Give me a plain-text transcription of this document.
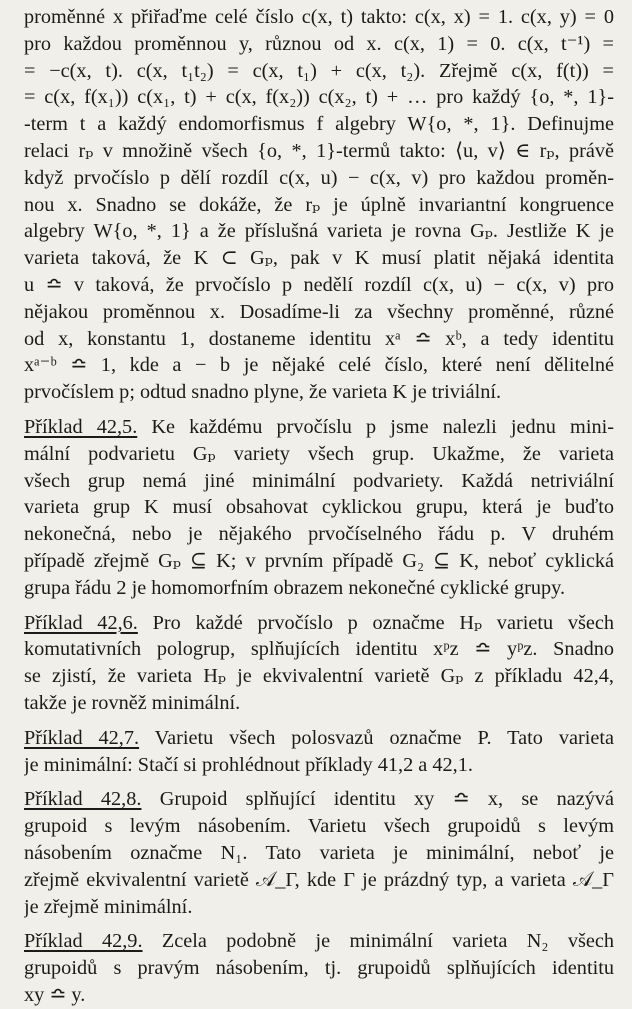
proměnné x přiřaďme celé číslo c(x, t) takto: c(x, x) = 1. c(x, y) = 0
pro každou proměnnou y, různou od x. c(x, 1) = 0. c(x, t⁻¹) =
= −c(x, t). c(x, t₁t₂) = c(x, t₁) + c(x, t₂). Zřejmě c(x, f(t)) =
= c(x, f(x₁)) c(x₁, t) + c(x, f(x₂)) c(x₂, t) + … pro každý {o, *, 1}-
-term t a každý endomorfismus f algebry W{o, *, 1}. Definujme
relaci rₚ v množině všech {o, *, 1}-termů takto: ⟨u, v⟩ ∈ rₚ, právě
když prvočíslo p dělí rozdíl c(x, u) − c(x, v) pro každou proměn-
nou x. Snadno se dokáže, že rₚ je úplně invariantní kongruence
algebry W{o, *, 1} a že příslušná varieta je rovna Gₚ. Jestliže K je
varieta taková, že K ⊂ Gₚ, pak v K musí platit nějaká identita
u ≏ v taková, že prvočíslo p nedělí rozdíl c(x, u) − c(x, v) pro
nějakou proměnnou x. Dosadíme-li za všechny proměnné, různé
od x, konstantu 1, dostaneme identitu xᵃ ≏ xᵇ, a tedy identitu
xᵃ⁻ᵇ ≏ 1, kde a − b je nějaké celé číslo, které není dělitelné
prvočíslem p; odtud snadno plyne, že varieta K je triviální.
Příklad 42,5. Ke každému prvočíslu p jsme nalezli jednu mini-
mální podvarietu Gₚ variety všech grup. Ukažme, že varieta
všech grup nemá jiné minimální podvariety. Každá netriviální
varieta grup K musí obsahovat cyklickou grupu, která je buďto
nekonečná, nebo je nějakého prvočíselného řádu p. V druhém
případě zřejmě Gₚ ⊆ K; v prvním případě G₂ ⊆ K, neboť cyklická
grupa řádu 2 je homomorfním obrazem nekonečné cyklické grupy.
Příklad 42,6. Pro každé prvočíslo p označme Hₚ varietu všech
komutativních pologrup, splňujících identitu xᵖz ≏ yᵖz. Snadno
se zjistí, že varieta Hₚ je ekvivalentní varietě Gₚ z příkladu 42,4,
takže je rovněž minimální.
Příklad 42,7. Varietu všech polosvazů označme P. Tato varieta
je minimální: Stačí si prohlédnout příklady 41,2 a 42,1.
Příklad 42,8. Grupoid splňující identitu xy ≏ x, se nazývá
grupoid s levým násobením. Varietu všech grupoidů s levým
násobením označme N₁. Tato varieta je minimální, neboť je
zřejmě ekvivalentní varietě 𝒜_Γ, kde Γ je prázdný typ, a varieta 𝒜_Γ
je zřejmě minimální.
Příklad 42,9. Zcela podobně je minimální varieta N₂ všech
grupoidů s pravým násobením, tj. grupoidů splňujících identitu
xy ≏ y.
